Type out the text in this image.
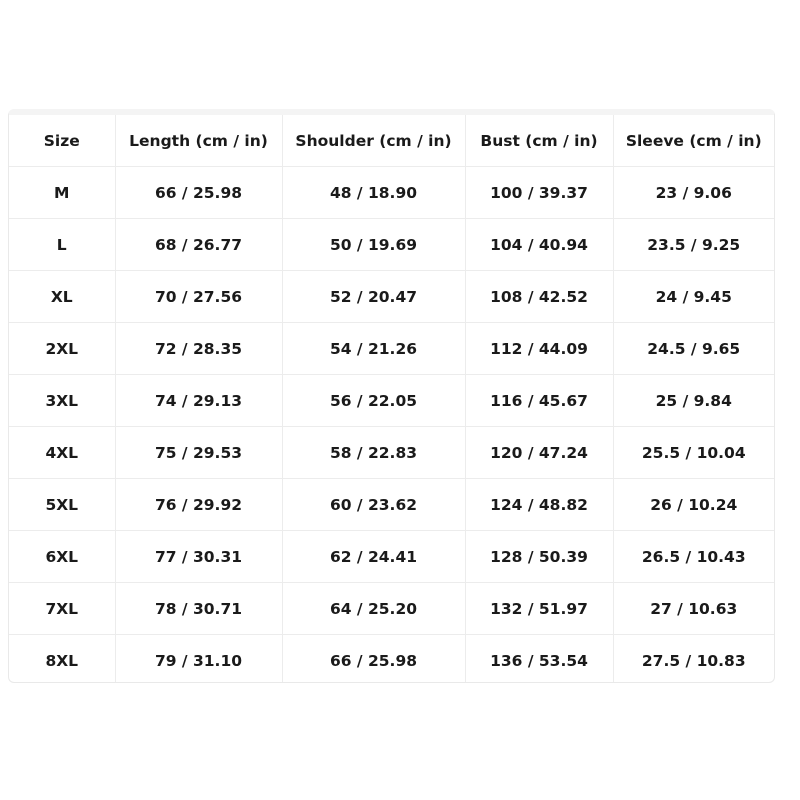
Size	Length (cm / in)	Shoulder (cm / in)	Bust (cm / in)	Sleeve (cm / in)
M	66 / 25.98	48 / 18.90	100 / 39.37	23 / 9.06
L	68 / 26.77	50 / 19.69	104 / 40.94	23.5 / 9.25
XL	70 / 27.56	52 / 20.47	108 / 42.52	24 / 9.45
2XL	72 / 28.35	54 / 21.26	112 / 44.09	24.5 / 9.65
3XL	74 / 29.13	56 / 22.05	116 / 45.67	25 / 9.84
4XL	75 / 29.53	58 / 22.83	120 / 47.24	25.5 / 10.04
5XL	76 / 29.92	60 / 23.62	124 / 48.82	26 / 10.24
6XL	77 / 30.31	62 / 24.41	128 / 50.39	26.5 / 10.43
7XL	78 / 30.71	64 / 25.20	132 / 51.97	27 / 10.63
8XL	79 / 31.10	66 / 25.98	136 / 53.54	27.5 / 10.83
